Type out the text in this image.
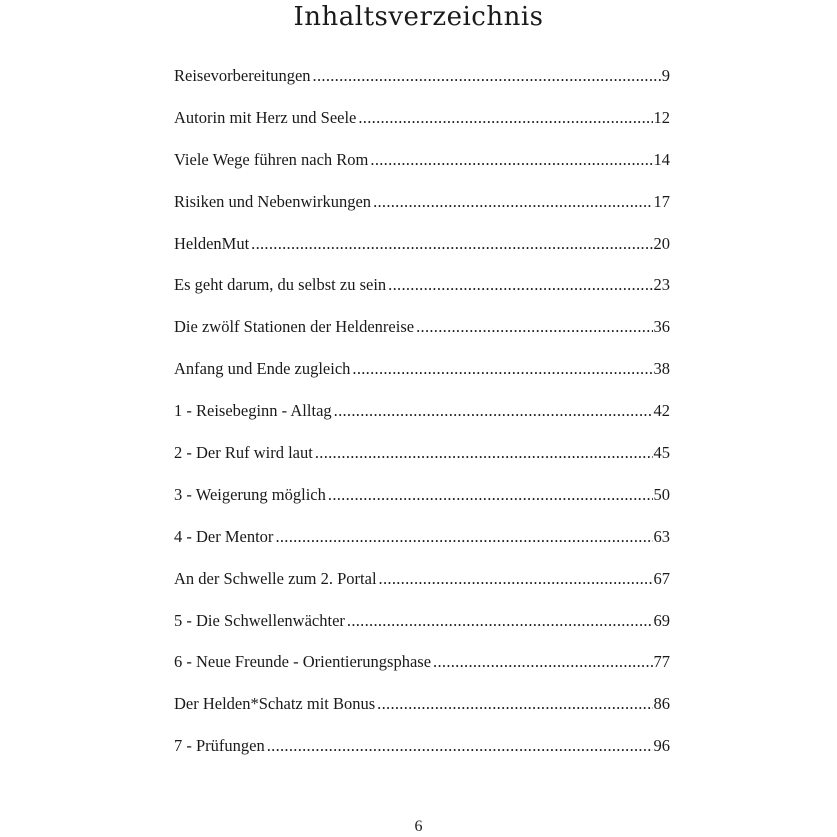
Inhaltsverzeichnis
Reisevorbereitungen .....	9
Autorin mit Herz und Seele .....	12
Viele Wege führen nach Rom .....	14
Risiken und Nebenwirkungen .....	17
HeldenMut .....	20
Es geht darum, du selbst zu sein .....	23
Die zwölf Stationen der Heldenreise .....	36
Anfang und Ende zugleich .....	38
1 - Reisebeginn - Alltag .....	42
2 - Der Ruf wird laut .....	45
3 - Weigerung möglich .....	50
4 - Der Mentor .....	63
An der Schwelle zum 2. Portal .....	67
5 - Die Schwellenwächter .....	69
6 - Neue Freunde - Orientierungsphase .....	77
Der Helden*Schatz mit Bonus .....	86
7 - Prüfungen .....	96
6
